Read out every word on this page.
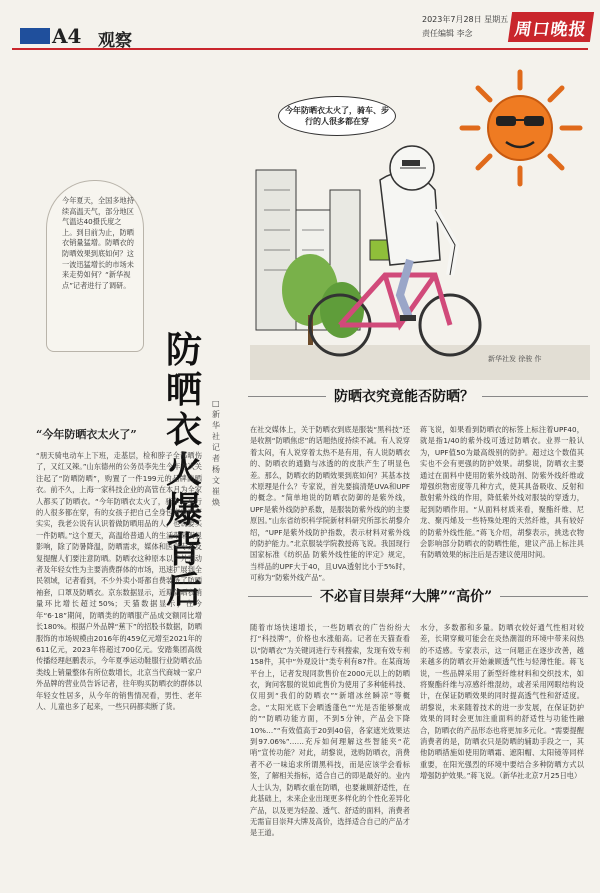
A4 观察
2023年7月28日 星期五
责任编辑 李念	周口晚报
今年防晒衣太火了，骑车、步行的人很多都在穿
新华社发 徐骏 作
今年夏天，全国多地持续高温天气，部分地区气温达40摄氏度之上。到目前为止，防晒衣销量猛增。防晒衣的防晒效果到底如何？这一波迅猛增长的市场未来走势如何？“新华视点”记者进行了调研。
防晒衣火爆背后
□新华社记者 杨文 崔焕
“今年防晒衣太火了”
“朋天骑电动车上下班，走基层，检和脖子全都晒伤了，又红又辣。”山东德州的公务员李先生今年首次关注起了“防晒防晒”，购置了一件199元的品牌防晒衣。前不久，上海一家科技企业的高管在本月为全家人都买了防晒衣。“今年防晒衣太火了，骑车、步行的人很多都在穿，有的女孩子把自己全身包裹得严严实实，我老公说有认识着做防晒用品的人，也说要买一件防晒。”这个夏天，高温给普通人的生活带来明显影响，除了防暑降温，防晒需求，媒体和医学专家反复提醒人们要注意防晒。防晒衣这种原本以户外劳动者及年轻女性为主要消费群体的市场，迅速扩展到全民领域，记者看到，不少外卖小哥都自费装备了防晒袖套，口罩及防晒衣。京东数据显示，近期防晒衣销量环比增长超过50%；天猫数据显示，在今年“6·18”期间，防晒类的防晒服产品成交额同比增长180%。根据户外品牌“蕉下”的招股书数据，防晒服饰的市场规模由2016年的459亿元增至2021年的611亿元，2023年将超过700亿元。安踏集团高级传播经理赵鹏表示，今年夏季运动鞋服行业防晒衣品类线上销量整体有所位数增长，北京当代商城一家户外品牌的营业员告诉记者，往年购买防晒衣的群体以年轻女性居多，从今年的销售情况看，男性、老年人、儿童也多了起来，一些只码都卖断了货。
防晒衣究竟能否防晒？
在社交媒体上，关于防晒衣到底是服装“黑科技”还是收割“防晒焦虑”的话题热度持续不减。有人说穿着太闷，有人说穿着太热不是有用，有人说防晒衣的、防晒衣的通勤与冰透的的皮肤产生了明显色差。那么，防晒衣的防晒效果到底如何？其基本技术原理是什么？专家说，首先要搞清楚UVA和UPF的概念。“简单地说的防晒衣防御的是紫外线，UPF是紫外线防护系数，是服装防紫外线的的主要原因。”山东省纺织科学院新材料研究所部长胡黎介绍，“UPF是紫外线防护指数，表示材料对紫外线的防护能力。”北京服装学院教授蒋飞说。我国现行国家标准《纺织品 防紫外线性能的评定》规定，当样品的UPF大于40，且UVA透射比小于5%时，可称为“防紫外线产品”。
蒋飞说，如果看到防晒衣的标签上标注着UPF40，就是指1/40的紫外线可透过防晒衣。业界一般认为，UPF值50为最高级别的防护。超过这个数值其实也不会有更强的防护效果。胡黎说，防晒衣主要通过在面料中使用防紫外线助剂、防紫外线纤维或增强织物密度等几种方式，使其具备吸收、反射和散射紫外线的作用，降低紫外线对服装的穿透力，起到防晒作用。“从面料材质来看，聚酯纤维、尼龙、聚丙烯及一些特殊处理的天然纤维，具有较好的防紫外线性能。”蒋飞介绍，胡黎表示，挑选衣物会影响部分防晒衣的防晒性能，建议产品上标注具有防晒效果的标注后是否建议使用时间。
不必盲目崇拜“大牌”“高价”
随着市场快速增长，一些防晒衣的广告纷纷大打“科技牌”，价格也水涨船高。记者在天猫查看以“防晒衣”为关键词进行专利搜索，发现有效专利158件，其中“外观设计”类专利有87件。在某商场平台上，记者发现同款售价在2000元以上的防晒衣，询问客服的说如此售价为使用了多种能科技、仅用到“我们的防晒衣”“新增冰丝瞬凉”等概念。“太阳光底下会晒透蓬色”“光是否能够聚成的”“防晒功能方面，不到5分钟，产品会下降10%…”“有效值高于20到40倍，各家遮光效果达到97.06%”……充斥如何理解这些智能夹“花哨”宣传功能？对此，胡黎说，选购防晒衣，消费者不必一味追求所谓黑科技，而是应该学会看标签，了解相关指标，适合自己的即是最好的。业内人士认为，防晒衣重在防晒，也要兼顾舒适性，在此基础上，未来企业出现更多样化的个性化差异化产品，以及更为轻盈、透气、舒适的面料，消费者无需盲目崇拜大牌及高价，选择适合自己的产品才是王道。
水分，多数都和多量。防晒衣较好通气性相对较差，长期穿戴可能会在炎热潮湿的环境中带来闷热的不适感。专家表示，这一问题正在逐步改善，越来越多的防晒衣开始兼顾透气性与轻薄性能。蒋飞说，一些品牌采用了新型纤维材料和交织技术，如将聚酯纤维与凉感纤维混纺，或者采用网眼结构设计，在保证防晒效果的同时提高透气性和舒适度。胡黎说，未来随着技术的进一步发展，在保证防护效果的同时会更加注重面料的舒适性与功能性融合，防晒衣的产品形态也将更加多元化。“需要提醒消费者的是，防晒衣只是防晒的辅助手段之一，其他防晒措施如使用防晒霜、遮阳帽、太阳镜等同样重要，在阳光强烈的环境中要结合多种防晒方式以增强防护效果。”蒋飞说。（新华社北京7月25日电）
